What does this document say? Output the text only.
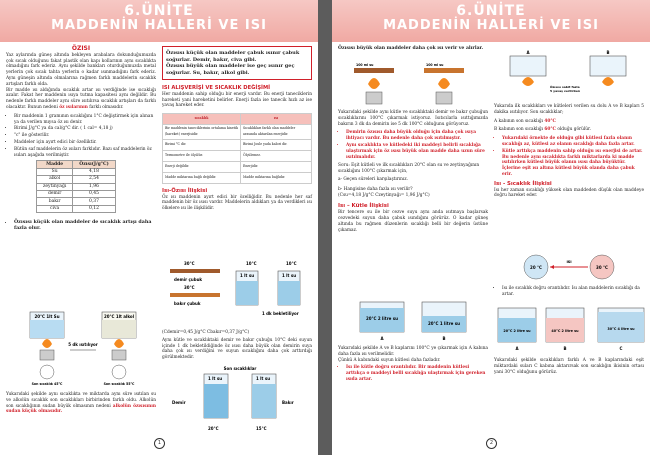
6.ÜNİTE
MADDENİN HALLERİ VE ISI
ÖZISI
Yaz aylarında güneş altında bekleyen arabalara dokunduğumuzda çok sıcak olduğunu fakat plastik olan kapı kollarının aynı sıcaklıkta olmadığını fark ederiz. Aynı şekilde bankları oturduğumuzda metal yerlerin çok sıcak tahta yerlerin o kadar ısınmadığını fark ederiz. Aynı güneşin altında olmalarına rağmen farklı maddelerin sıcaklık artışları farklı olda.
Bir madde ısı aldığında sıcaklık artar ısı verdiğinde ise sıcaklığı azalır. Fakat her maddenin ısıya tutma kapasitesi aynı değildir. Bu nedenle farklı maddeler aynı süre ısıtılırsa sıcaklık artışları da farklı olacaktır. Bunun nedeni öz ısılarının farklı olmasıdır.
• Bir maddenin 1 gramının sıcaklığını 1°C değiştirmek için alınan ya da verilen mıysa öz ısı denir.
• Birimi J/g°C ya da cal/g°C dir. ( 1 cal= 4,18 j)
• "c" ile gösterilir.
• Maddeler için ayırt edici bir özelliktir.
• Bütün saf maddelerin öz ısıları farklıdır. Bazı saf maddelerin öz ısıları aşağıda verilmiştir.
Madde	Özısı(J/g°C)
Su	4,18
alkol	2,54
zeytinyağı	1,96
demir	0,45
bakır	0,37
civa	0,12
• Özısısı küçük olan maddeler de sıcaklık artışı daha fazla olur.
20°C 1lt Su	20°C 1lt alkol
5 dk ısıtılıyor
Son sıcaklık 45°C	Son sıcaklık 55°C
Yukarıdaki şekilde aynı sıcaklıkta ve miktarda aynı süre ısıtılan su ve alkolün sıcaklık son sıcaklıkları birbirinden farklı oldu. Alkolün son sıcaklığının sudan büyük olmasının nedeni alkolün özısısının sudan küçük olmasıdır.
Özısısı küçük olan maddeler çabuk ısınır çabuk soğurlar. Demir, bakır, civa gibi.
Özısısı büyük olan maddeler ise geç ısınır geç soğurlar. Su, bakır, alkol gibi.
ISI ALIŞVERİŞİ VE SICAKLIK DEĞİŞİMİ
Her maddenin sahip olduğu bir enerji vardır. Bu enerji taneciklerin hareketi yani hareketini belirler. Enerji fazla ise tanecik hızlı az ise yavaş hareket eder.
sıcaklık	ısı
Bir maddenin taneciklerinin ortalama kinetik (hareket) enerjisidir.	Sıcaklıkları farklı olan maddeler arasında aktarılan enerjidir.
Birimi °C dir.	Birimi Joule yada kalori dir.
Termometre ile ölçülür.	Ölçülemez.
Enerji değildir.	Enerjidir.
Madde miktarına bağlı değildir.	Madde miktarına bağlıdır.
Isı-Özısı İlişkisi
Öz ısı maddenin ayırt edici bir özelliğidir. Bu nedenle her saf maddenin bir öz ısısı vardır. Maddelerin aldıkları ya da verdikleri ısı ölkelere ısı ile ilişkilidir.
30°C	10°C	10°C
demir çubuk
bakır çubuk
30°C
1 lt su	1 lt su
1 dk bekletiliyor
(Cdemir=0,45 J/g°C Cbakır=0,37 J/g°C)
Aynı kütle ve sıcaklıktaki demir ve bakır çubuğu 10°C deki suyun içinde 1 dk bekletildiğinde öz ısısı daha büyük olan demirin suya daha çok ısı verdiğini ve suyun sıcaklığını daha çok arttırdığı görülmektedir.
Son sıcaklıklar
1 lt su	1 lt su
Demir	Bakır
20°C	15°C
1
6.ÜNİTE
MADDENİN HALLERİ VE ISI
Özısısı büyük olan maddeler daha çok ısı verir ve alırlar.
100 ml su	100 ml su
Yukarıdaki şekilde aynı kütle ve sıcaklıktaki demir ve bakır çubuğun sıcaklıklarını 100°C çıkarmak istiyoruz. Isıtıcılarla ısıttığımızda bakırın 3 dk da demirin ise 5 dk 100°C olduğunu görüyoruz.
• Demirin özısısı daha büyük olduğu için daha çok ısıya ihtiyacı vardır. Bu nedenle daha çok ısıtılmıştır.
• Aynı sıcaklıkta ve kütledeki iki maddeyi belirli sıcaklığa ulaştırmak için öz ısısı büyük olan madde daha uzun süre ısıtılmalıdır.
Soru: Eşit kütleli ve ilk sıcaklıkları 20°C olan su ve zeytinyağının sıcaklığını 100°C çıkarmak için,
a- Geçen süreleri karşılaştırınız.
b- Hangisine daha fazla ısı verilir?
(Csu=4,18 J/g°C Czeytinyağı= 1,96 J/g°C)
Isı – Kütle İlişkisi
Bir tencere su ile bir cezve suyu aynı anda ısıtmaya başlarsak cezvedeki suyun daha çabuk ısındığını görürüz. O kadar güneş altında bu rağmen düzenlerin sıcaklığı belli bir değerin üstüne çıkamaz.
20°C 2 litre su
20°C 1 litre su
A	B
Yukarıdaki şekilde A ve B kaplarını 100°C ye çıkarmak için A kabına daha fazla ısı verilmelidir.
Çünkü A kabındaki suyun kütlesi daha fazladır.
• Isı ile kütle doğru orantılıdır. Bir maddenin kütlesi arttıkça o maddeyi belli sıcaklığa ulaştırmak için gereken ısıda artar.
A	B
Özısısı sabit fazla
5 yavaş verilirken
Yukarıda ilk sıcaklıkları ve kütleleri verilen su dolu A ve B kapları 5 dakika ısıtılıyor. Son sıcaklıklar;
A kabının son sıcaklığı 40°C
B kabının son sıcaklığı 60°C olduğu görülür.
• Yukarıdaki örnekte de olduğu gibi kütlesi fazla olanın sıcaklığı az, kütlesi az olanın sıcaklığı daha fazla artar.
• Kütle arttıkça maddenin sahip olduğu ısı enerjisi de artar. Bu nedenle aynı sıcaklıkta farklı miktarlarda ki madde ısıtılırken kütlesi büyük olanın ısısı daha büyüktür. İçlerine eşit ısı altına kütlesi büyük olanda daha çabuk erir.
Isı - Sıcaklık İlişkisi
Isı her zaman sıcaklığı yüksek olan maddeden düşük olan maddeye doğru hareket eder.
20 °C	30 °C
ısı
• Isı ile sıcaklık doğru orantılıdır. Isı alan maddelerin sıcaklığı da artar.
20°C 2 litre su	40°C 2 litre su	30°C 4 litre su
A	B	C
Yukarıdaki şekilde sıcaklıkları farklı A ve B kaplarındaki eşit miktardaki suları C kabına aktarırsak son sıcaklığın ikisinin ortası yani 30°C olduğunu görürüz.
2
